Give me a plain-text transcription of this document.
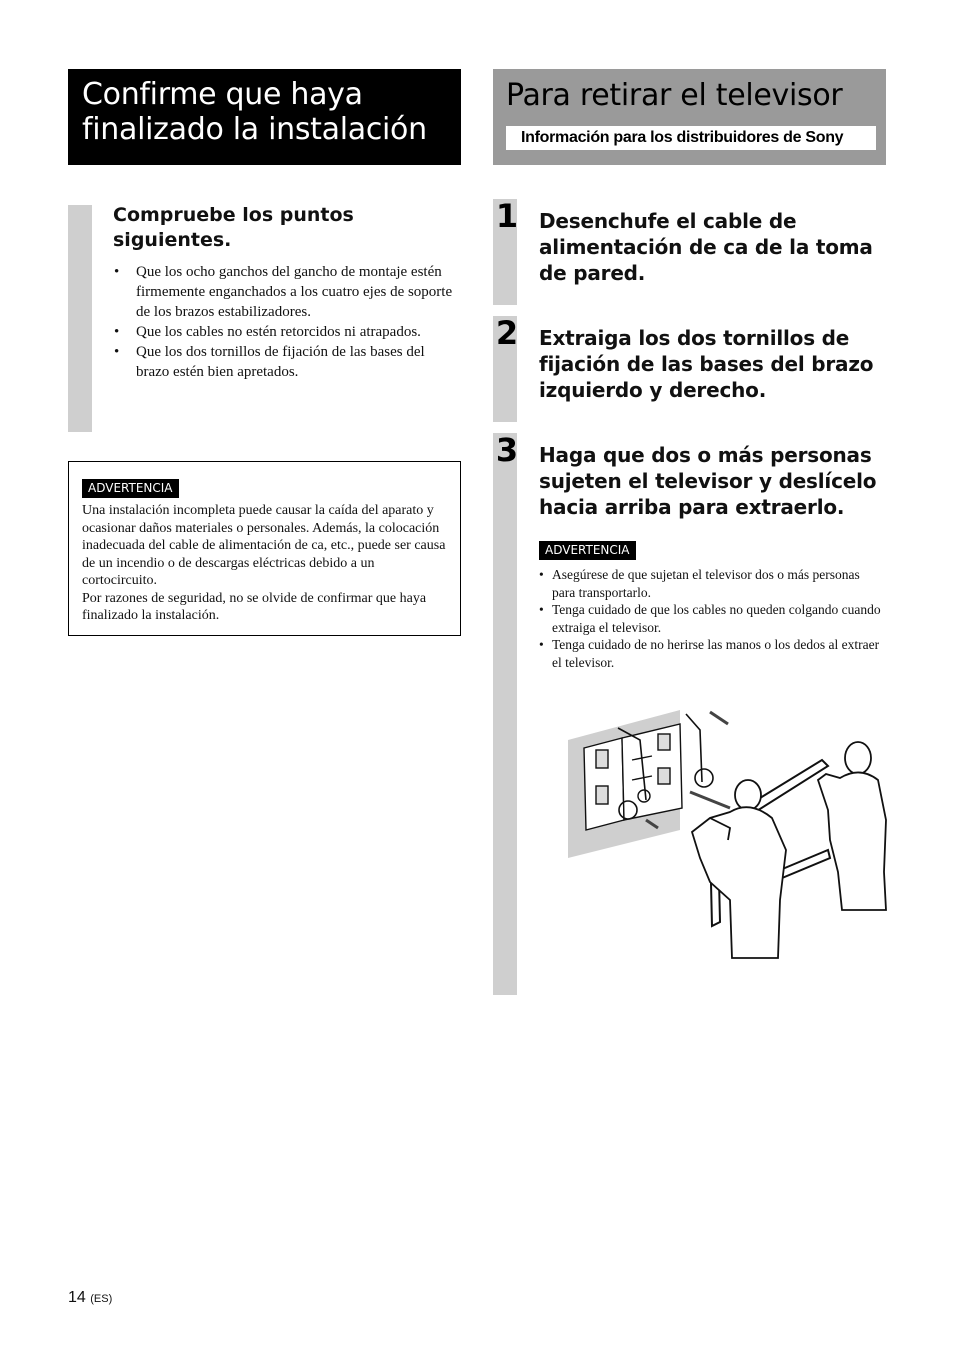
Confirme que haya
finalizado la instalación
Para retirar el televisor
Información para los distribuidores de Sony
Compruebe los puntos siguientes.
• Que los ocho ganchos del gancho de montaje estén firmemente enganchados a los cuatro ejes de soporte de los brazos estabilizadores.
• Que los cables no estén retorcidos ni atrapados.
• Que los dos tornillos de fijación de las bases del brazo estén bien apretados.
ADVERTENCIA

Una instalación incompleta puede causar la caída del aparato y ocasionar daños materiales o personales. Además, la colocación inadecuada del cable de alimentación de ca, etc., puede ser causa de un incendio o de descargas eléctricas debido a un cortocircuito.

Por razones de seguridad, no se olvide de confirmar que haya finalizado la instalación.

1 Desenchufe el cable de alimentación de ca de la toma de pared.
2 Extraiga los dos tornillos de fijación de las bases del brazo izquierdo y derecho.
3 Haga que dos o más personas sujeten el televisor y deslícelo hacia arriba para extraerlo.
ADVERTENCIA
• Asegúrese de que sujetan el televisor dos o más personas para transportarlo.
• Tenga cuidado de que los cables no queden colgando cuando extraiga el televisor.
• Tenga cuidado de no herirse las manos o los dedos al extraer el televisor.
14 (ES)
